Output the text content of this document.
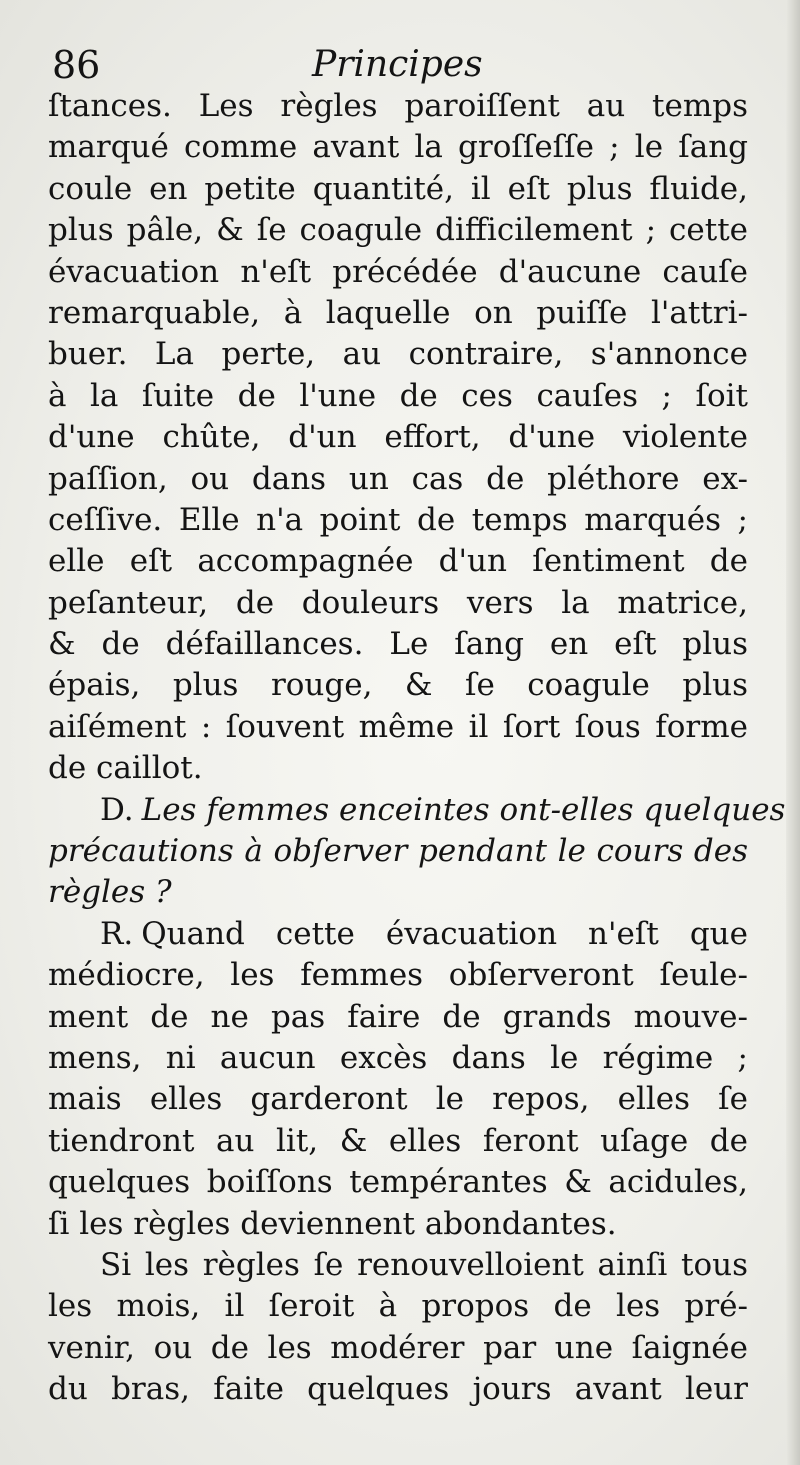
86	Principes
ſtances. Les règles paroiſſent au temps
marqué comme avant la groſſeſſe ; le ſang
coule en petite quantité, il eſt plus fluide,
plus pâle, & ſe coagule difficilement ; cette
évacuation n'eſt précédée d'aucune cauſe
remarquable, à laquelle on puiſſe l'attri-
buer. La perte, au contraire, s'annonce
à la ſuite de l'une de ces cauſes ; ſoit
d'une chûte, d'un effort, d'une violente
paſſion, ou dans un cas de pléthore ex-
ceſſive. Elle n'a point de temps marqués ;
elle eſt accompagnée d'un ſentiment de
peſanteur, de douleurs vers la matrice,
& de défaillances. Le ſang en eſt plus
épais, plus rouge, & ſe coagule plus
aiſément : ſouvent même il ſort ſous forme
de caillot.
D. Les femmes enceintes ont-elles quelques
précautions à obſerver pendant le cours des
règles ?
R. Quand cette évacuation n'eſt que
médiocre, les femmes obſerveront ſeule-
ment de ne pas faire de grands mouve-
mens, ni aucun excès dans le régime ;
mais elles garderont le repos, elles ſe
tiendront au lit, & elles feront uſage de
quelques boiſſons tempérantes & acidules,
ſi les règles deviennent abondantes.
Si les règles ſe renouvelloient ainſi tous
les mois, il ſeroit à propos de les pré-
venir, ou de les modérer par une ſaignée
du bras, faite quelques jours avant leur
